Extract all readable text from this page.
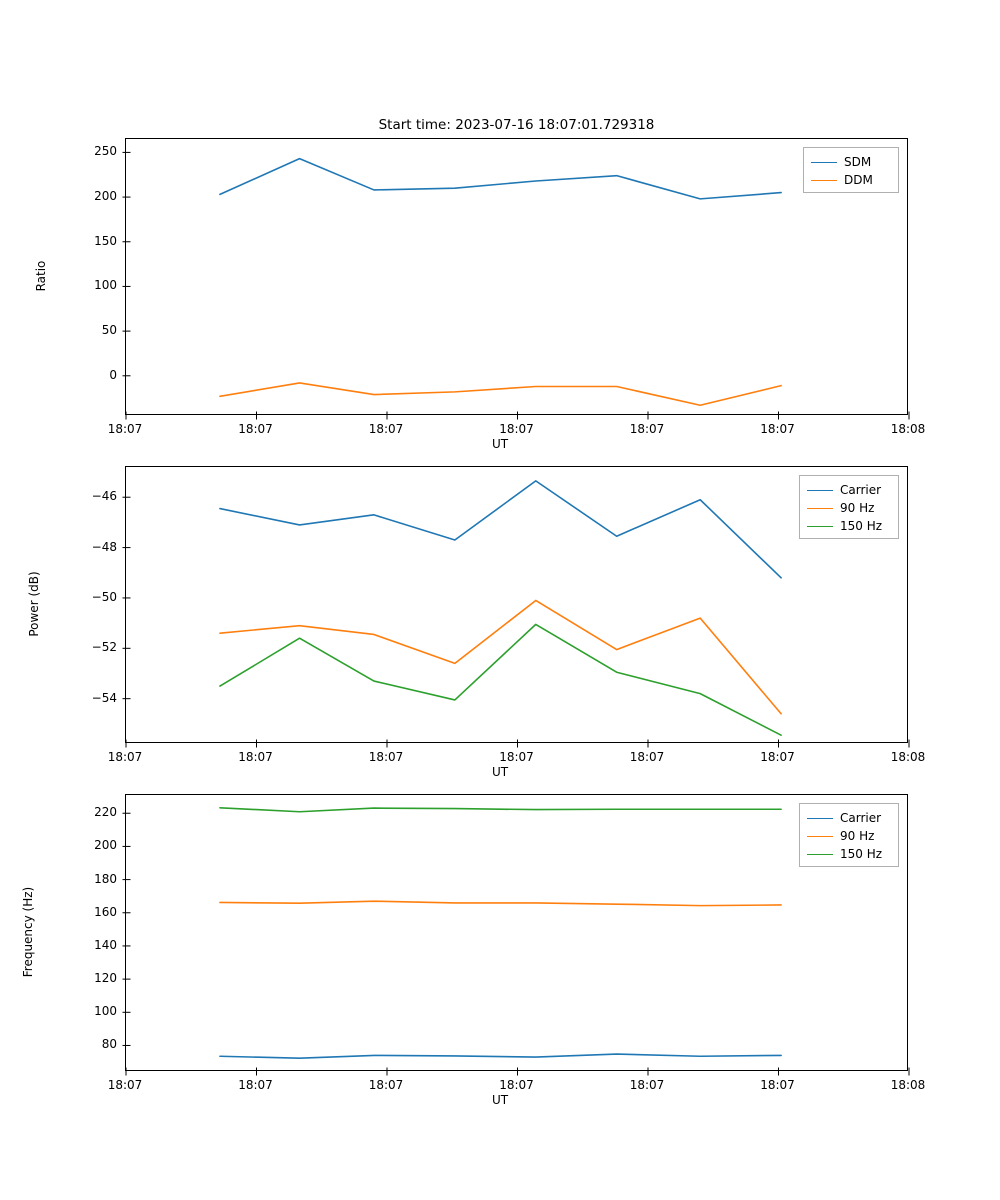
Start time: 2023-07-16 18:07:01.729318
SDM
DDM
Ratio
UT
18:07	18:07	18:07	18:07	18:07	18:07	18:08
0
50
100
150
200
250
Carrier
90 Hz
150 Hz
Power (dB)
UT
18:07	18:07	18:07	18:07	18:07	18:07	18:08
−54
−52
−50
−48
−46
Carrier
90 Hz
150 Hz
Frequency (Hz)
UT
18:07	18:07	18:07	18:07	18:07	18:07	18:08
80
100
120
140
160
180
200
220
